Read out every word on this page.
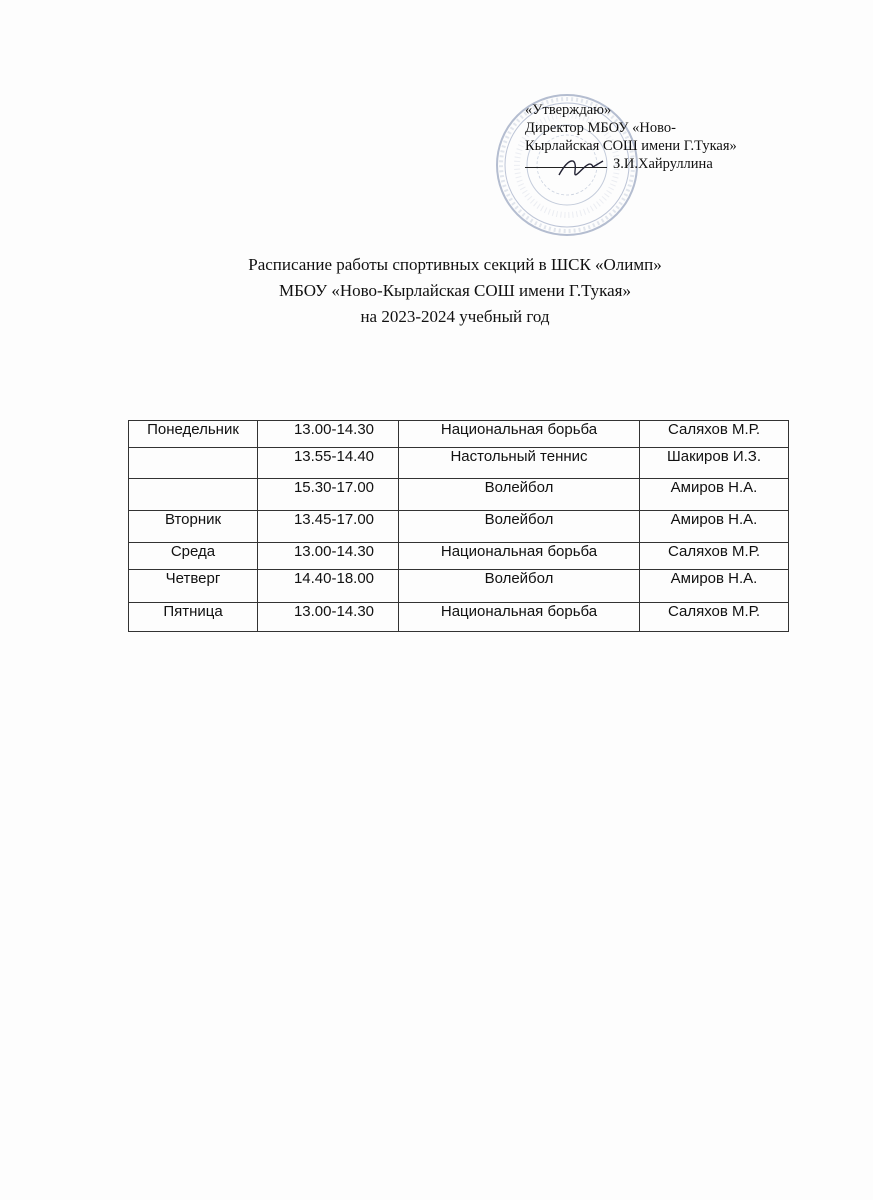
«Утверждаю»
Директор МБОУ «Ново-
Кырлайская СОШ имени Г.Тукая»
З.И.Хайруллина
Расписание работы спортивных секций в ШСК «Олимп»
МБОУ «Ново-Кырлайская СОШ имени Г.Тукая»
на 2023-2024 учебный год
Понедельник	13.00-14.30	Национальная борьба	Саляхов М.Р.
	13.55-14.40	Настольный теннис	Шакиров И.З.
	15.30-17.00	Волейбол	Амиров Н.А.
Вторник	13.45-17.00	Волейбол	Амиров Н.А.
Среда	13.00-14.30	Национальная борьба	Саляхов М.Р.
Четверг	14.40-18.00	Волейбол	Амиров Н.А.
Пятница	13.00-14.30	Национальная борьба	Саляхов М.Р.
